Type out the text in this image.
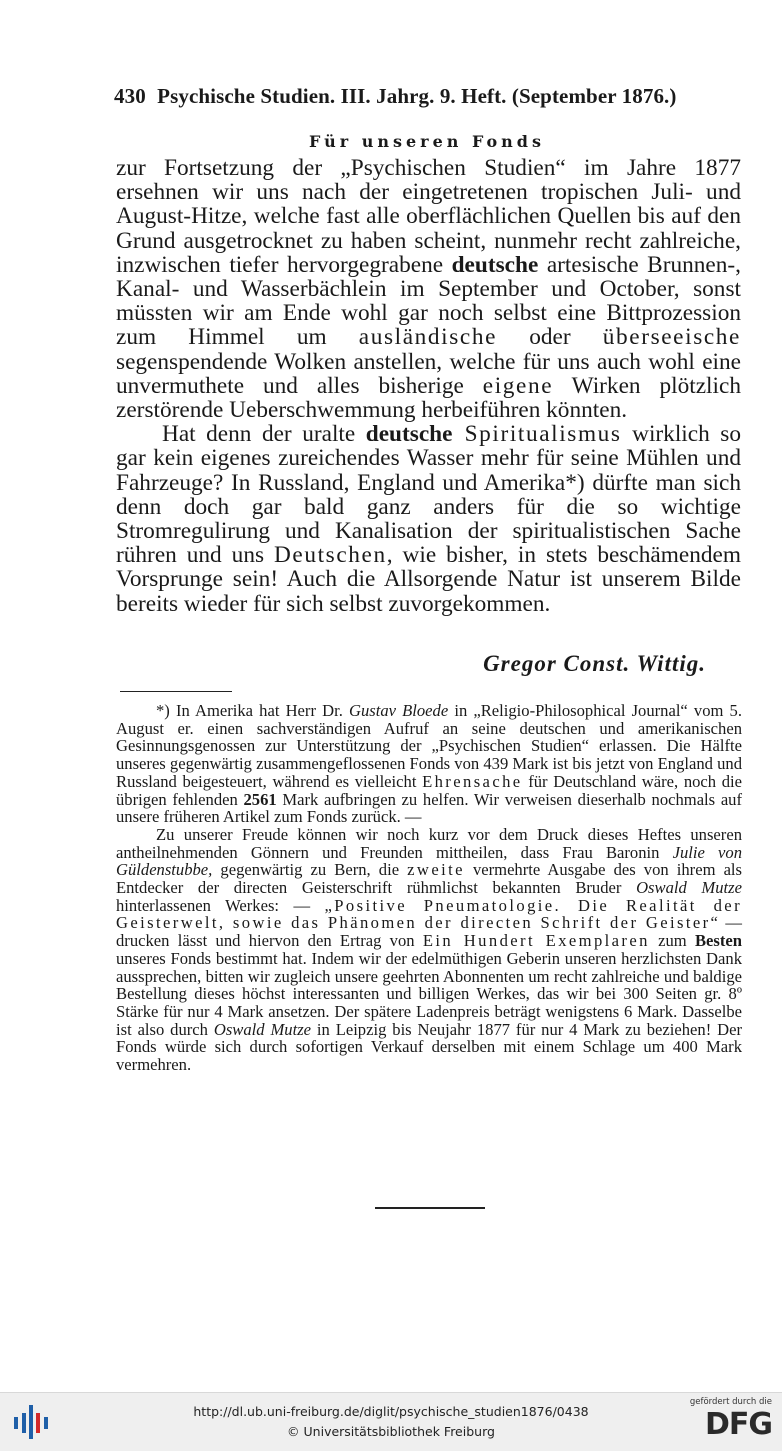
430 Psychische Studien. III. Jahrg. 9. Heft. (September 1876.)
Für unseren Fonds

zur Fortsetzung der „Psychischen Studien“ im Jahre 1877 ersehnen wir uns nach der eingetretenen tropischen Juli- und August-Hitze, welche fast alle oberflächlichen Quellen bis auf den Grund ausgetrocknet zu haben scheint, nunmehr recht zahlreiche, inzwischen tiefer hervorgegrabene deutsche artesische Brunnen-, Kanal- und Wasserbächlein im September und October, sonst müssten wir am Ende wohl gar noch selbst eine Bittprozession zum Himmel um ausländische oder überseeische segenspendende Wolken anstellen, welche für uns auch wohl eine unvermuthete und alles bisherige eigene Wirken plötzlich zerstörende Ueberschwemmung herbeiführen könnten.

Hat denn der uralte deutsche Spiritualismus wirklich so gar kein eigenes zureichendes Wasser mehr für seine Mühlen und Fahrzeuge? In Russland, England und Amerika*) dürfte man sich denn doch gar bald ganz anders für die so wichtige Stromregulirung und Kanalisation der spiritualistischen Sache rühren und uns Deutschen, wie bisher, in stets beschämendem Vorsprunge sein! Auch die Allsorgende Natur ist unserem Bilde bereits wieder für sich selbst zuvorgekommen.

Gregor Const. Wittig.

*) In Amerika hat Herr Dr. Gustav Bloede in „Religio-Philosophical Journal“ vom 5. August er. einen sachverständigen Aufruf an seine deutschen und amerikanischen Gesinnungsgenossen zur Unterstützung der „Psychischen Studien“ erlassen. Die Hälfte unseres gegenwärtig zusammengeflossenen Fonds von 439 Mark ist bis jetzt von England und Russland beigesteuert, während es vielleicht Ehrensache für Deutschland wäre, noch die übrigen fehlenden 2561 Mark aufbringen zu helfen. Wir verweisen dieserhalb nochmals auf unsere früheren Artikel zum Fonds zurück. —

Zu unserer Freude können wir noch kurz vor dem Druck dieses Heftes unseren antheilnehmenden Gönnern und Freunden mittheilen, dass Frau Baronin Julie von Güldenstubbe, gegenwärtig zu Bern, die zweite vermehrte Ausgabe des von ihrem als Entdecker der directen Geisterschrift rühmlichst bekannten Bruder Oswald Mutze hinterlassenen Werkes: — „Positive Pneumatologie. Die Realität der Geisterwelt, sowie das Phänomen der directen Schrift der Geister“ — drucken lässt und hiervon den Ertrag von Ein Hundert Exemplaren zum Besten unseres Fonds bestimmt hat. Indem wir der edelmüthigen Geberin unseren herzlichsten Dank aussprechen, bitten wir zugleich unsere geehrten Abonnenten um recht zahlreiche und baldige Bestellung dieses höchst interessanten und billigen Werkes, das wir bei 300 Seiten gr. 8º Stärke für nur 4 Mark ansetzen. Der spätere Ladenpreis beträgt wenigstens 6 Mark. Dasselbe ist also durch Oswald Mutze in Leipzig bis Neujahr 1877 für nur 4 Mark zu beziehen! Der Fonds würde sich durch sofortigen Verkauf derselben mit einem Schlage um 400 Mark vermehren.

http://dl.ub.uni-freiburg.de/diglit/psychische_studien1876/0438
© Universitätsbibliothek Freiburg
gefördert durch die
DFG
